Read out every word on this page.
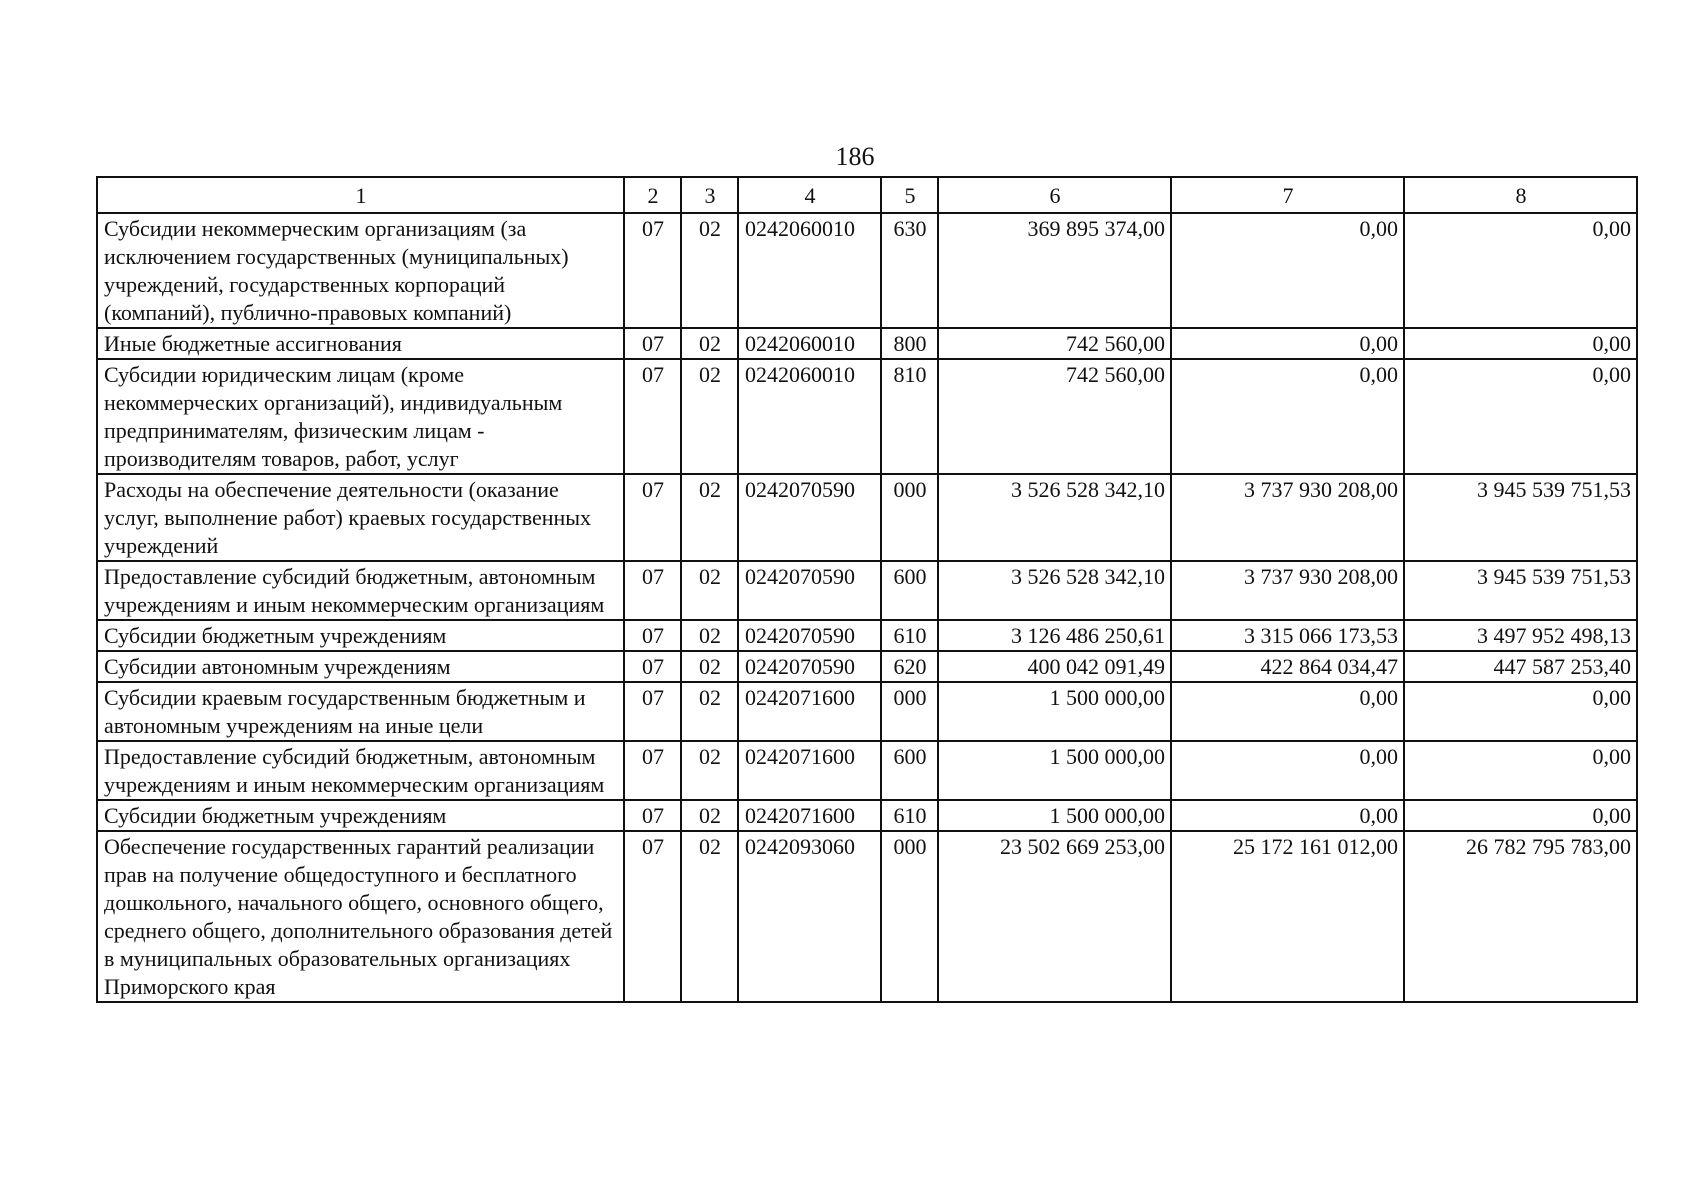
186
1	2	3	4	5	6	7	8
Субсидии некоммерческим организациям (за исключением государственных (муниципальных) учреждений, государственных корпораций (компаний), публично-правовых компаний)	07	02	0242060010	630	369 895 374,00	0,00	0,00
Иные бюджетные ассигнования	07	02	0242060010	800	742 560,00	0,00	0,00
Субсидии юридическим лицам (кроме некоммерческих организаций), индивидуальным предпринимателям, физическим лицам - производителям товаров, работ, услуг	07	02	0242060010	810	742 560,00	0,00	0,00
Расходы на обеспечение деятельности (оказание услуг, выполнение работ) краевых государственных учреждений	07	02	0242070590	000	3 526 528 342,10	3 737 930 208,00	3 945 539 751,53
Предоставление субсидий бюджетным, автономным учреждениям и иным некоммерческим организациям	07	02	0242070590	600	3 526 528 342,10	3 737 930 208,00	3 945 539 751,53
Субсидии бюджетным учреждениям	07	02	0242070590	610	3 126 486 250,61	3 315 066 173,53	3 497 952 498,13
Субсидии автономным учреждениям	07	02	0242070590	620	400 042 091,49	422 864 034,47	447 587 253,40
Субсидии краевым государственным бюджетным и автономным учреждениям на иные цели	07	02	0242071600	000	1 500 000,00	0,00	0,00
Предоставление субсидий бюджетным, автономным учреждениям и иным некоммерческим организациям	07	02	0242071600	600	1 500 000,00	0,00	0,00
Субсидии бюджетным учреждениям	07	02	0242071600	610	1 500 000,00	0,00	0,00
Обеспечение государственных гарантий реализации прав на получение общедоступного и бесплатного дошкольного, начального общего, основного общего, среднего общего, дополнительного образования детей в муниципальных образовательных организациях Приморского края	07	02	0242093060	000	23 502 669 253,00	25 172 161 012,00	26 782 795 783,00
